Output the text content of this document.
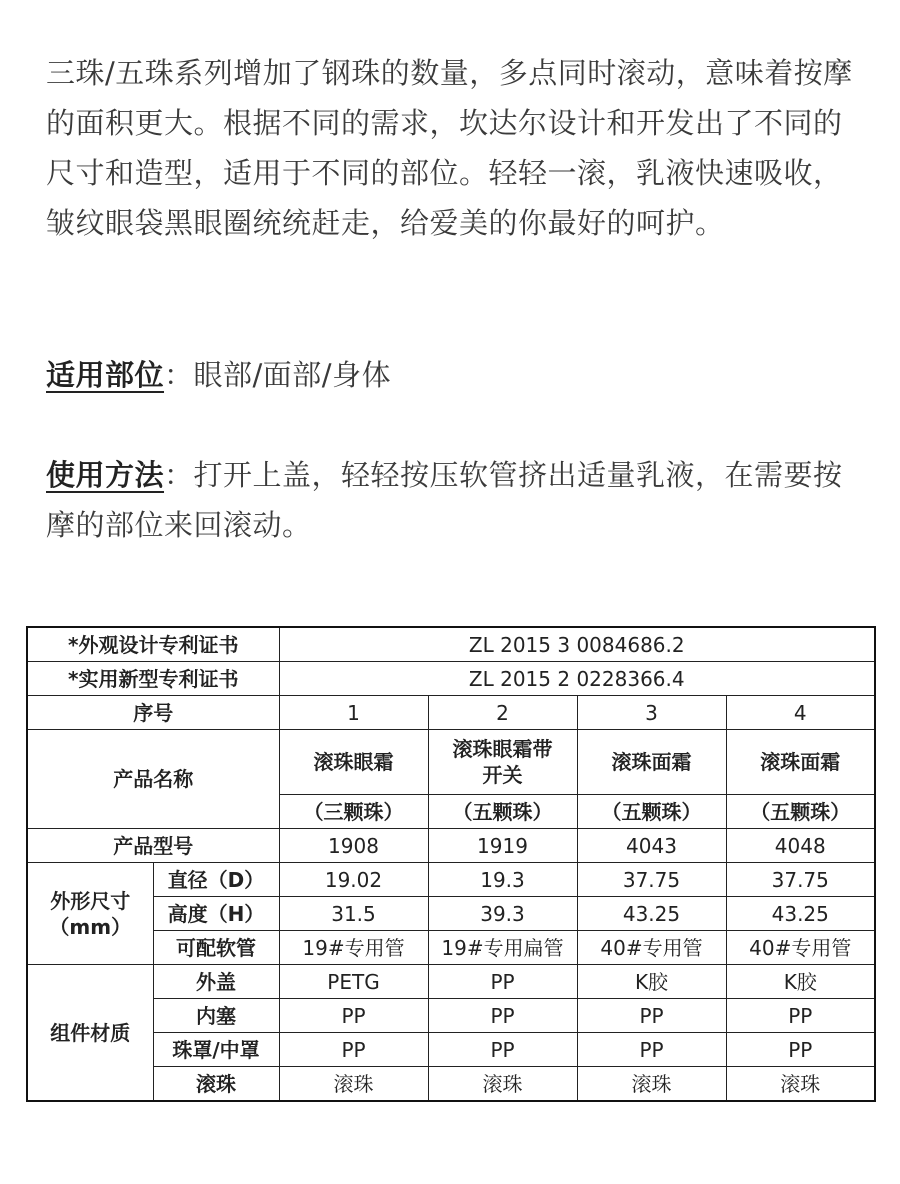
三珠/五珠系列增加了钢珠的数量，多点同时滚动，意味着按摩的面积更大。根据不同的需求，坎达尔设计和开发出了不同的尺寸和造型，适用于不同的部位。轻轻一滚，乳液快速吸收，皱纹眼袋黑眼圈统统赶走，给爱美的你最好的呵护。

适用部位：眼部/面部/身体

使用方法：打开上盖，轻轻按压软管挤出适量乳液，在需要按摩的部位来回滚动。

*外观设计专利证书		ZL 2015 3 0084686.2			
*实用新型专利证书		ZL 2015 2 0228366.4			
序号		1	2	3	4
产品名称		滚珠眼霜	滚珠眼霜带开关	滚珠面霜	滚珠面霜
		（三颗珠）	（五颗珠）	（五颗珠）	（五颗珠）
产品型号		1908	1919	4043	4048
外形尺寸（mm）	直径（D）	19.02	19.3	37.75	37.75
	高度（H）	31.5	39.3	43.25	43.25
	可配软管	19#专用管	19#专用扁管	40#专用管	40#专用管
组件材质	外盖	PETG	PP	K胶	K胶
	内塞	PP	PP	PP	PP
	珠罩/中罩	PP	PP	PP	PP
	滚珠	滚珠	滚珠	滚珠	滚珠
